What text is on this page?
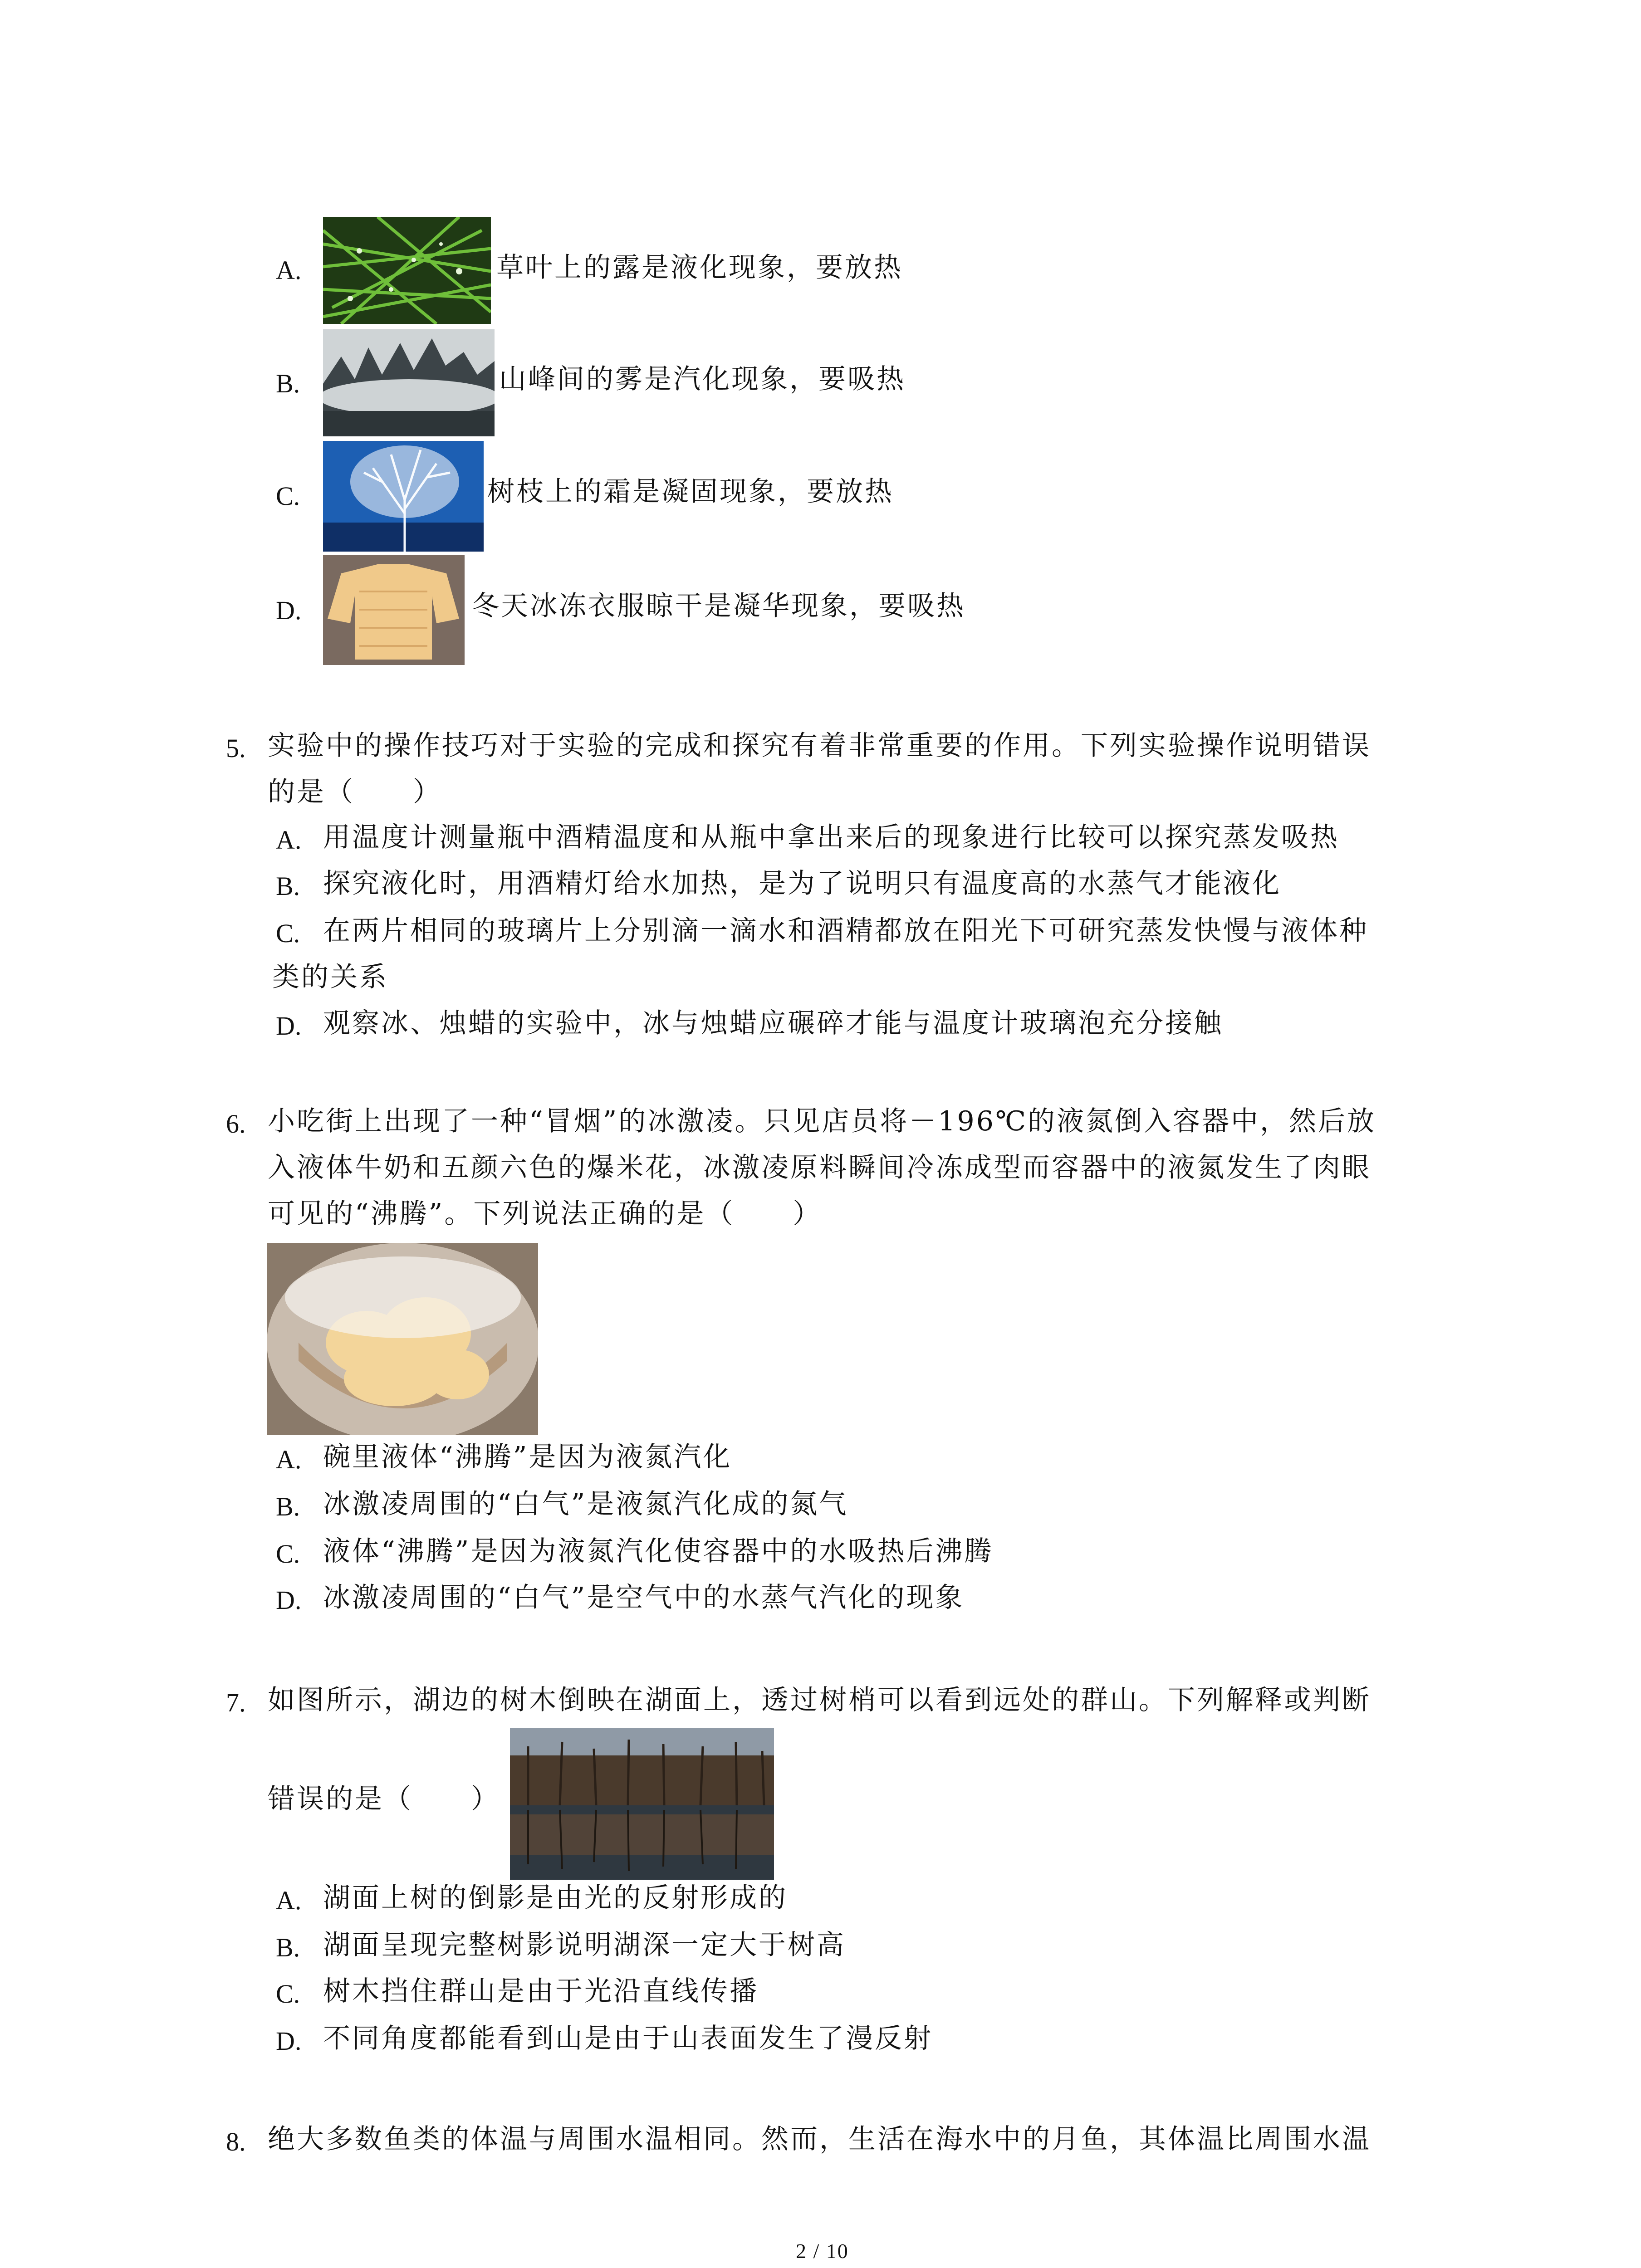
A.	草叶上的露是液化现象，要放热
B.	山峰间的雾是汽化现象，要吸热
C.	树枝上的霜是凝固现象，要放热
D.	冬天冰冻衣服晾干是凝华现象，要吸热
5. 实验中的操作技巧对于实验的完成和探究有着非常重要的作用。下列实验操作说明错误
的是（　　）
A. 用温度计测量瓶中酒精温度和从瓶中拿出来后的现象进行比较可以探究蒸发吸热
B. 探究液化时，用酒精灯给水加热，是为了说明只有温度高的水蒸气才能液化
C. 在两片相同的玻璃片上分别滴一滴水和酒精都放在阳光下可研究蒸发快慢与液体种
类的关系
D. 观察冰、烛蜡的实验中，冰与烛蜡应碾碎才能与温度计玻璃泡充分接触
6. 小吃街上出现了一种“冒烟”的冰激凌。只见店员将－196℃的液氮倒入容器中，然后放
入液体牛奶和五颜六色的爆米花，冰激凌原料瞬间冷冻成型而容器中的液氮发生了肉眼
可见的“沸腾”。下列说法正确的是（　　）
A. 碗里液体“沸腾”是因为液氮汽化
B. 冰激凌周围的“白气”是液氮汽化成的氮气
C. 液体“沸腾”是因为液氮汽化使容器中的水吸热后沸腾
D. 冰激凌周围的“白气”是空气中的水蒸气汽化的现象
7. 如图所示，湖边的树木倒映在湖面上，透过树梢可以看到远处的群山。下列解释或判断
错误的是（　　）
A. 湖面上树的倒影是由光的反射形成的
B. 湖面呈现完整树影说明湖深一定大于树高
C. 树木挡住群山是由于光沿直线传播
D. 不同角度都能看到山是由于山表面发生了漫反射
8. 绝大多数鱼类的体温与周围水温相同。然而，生活在海水中的月鱼，其体温比周围水温
2 / 10
